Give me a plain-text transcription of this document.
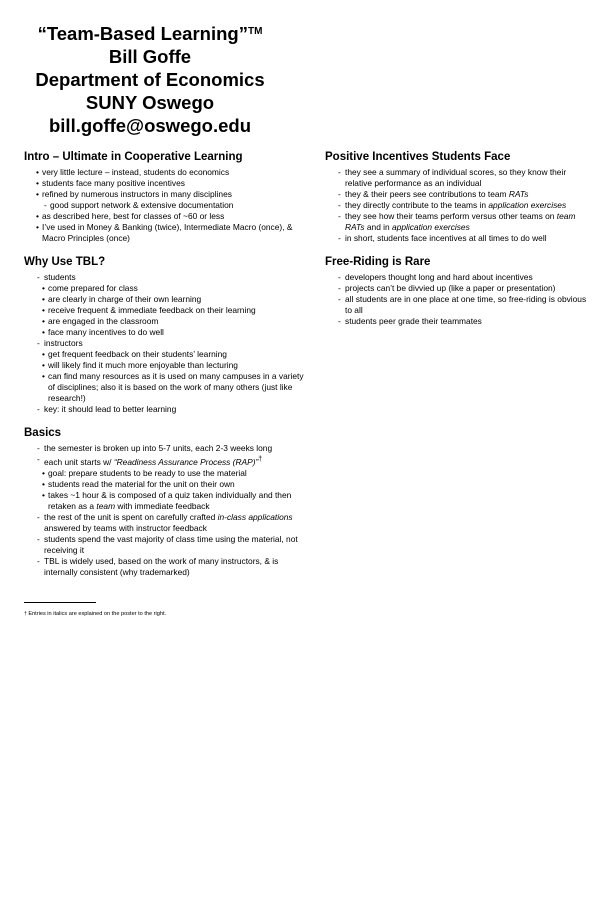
“Team-Based Learning”™
Bill Goffe
Department of Economics
SUNY Oswego
bill.goffe@oswego.edu
Intro – Ultimate in Cooperative Learning
• very little lecture – instead, students do economics
• students face many positive incentives
• refined by numerous instructors in many disciplines
- good support network & extensive documentation
• as described here, best for classes of ~60 or less
• I’ve used in Money & Banking (twice), Intermediate Macro (once), & Macro Principles (once)
Why Use TBL?
- students
• come prepared for class
• are clearly in charge of their own learning
• receive frequent & immediate feedback on their learning
• are engaged in the classroom
• face many incentives to do well
- instructors
• get frequent feedback on their students’ learning
• will likely find it much more enjoyable than lecturing
• can find many resources as it is used on many campuses in a variety of disciplines; also it is based on the work of many others (just like research!)
- key: it should lead to better learning
Basics
- the semester is broken up into 5-7 units, each 2-3 weeks long
- each unit starts w/ “Readiness Assurance Process (RAP)”†
• goal: prepare students to be ready to use the material
• students read the material for the unit on their own
• takes ~1 hour & is composed of a quiz taken individually and then retaken as a team with immediate feedback
- the rest of the unit is spent on carefully crafted in-class applications answered by teams with instructor feedback
- students spend the vast majority of class time using the material, not receiving it
- TBL is widely used, based on the work of many instructors, & is internally consistent (why trademarked)
Positive Incentives Students Face
- they see a summary of individual scores, so they know their relative performance as an individual
- they & their peers see contributions to team RATs
- they directly contribute to the teams in application exercises
- they see how their teams perform versus other teams on team RATs and in application exercises
- in short, students face incentives at all times to do well
Free-Riding is Rare
- developers thought long and hard about incentives
- projects can’t be divvied up (like a paper or presentation)
- all students are in one place at one time, so free-riding is obvious to all
- students peer grade their teammates
† Entries in italics are explained on the poster to the right.
